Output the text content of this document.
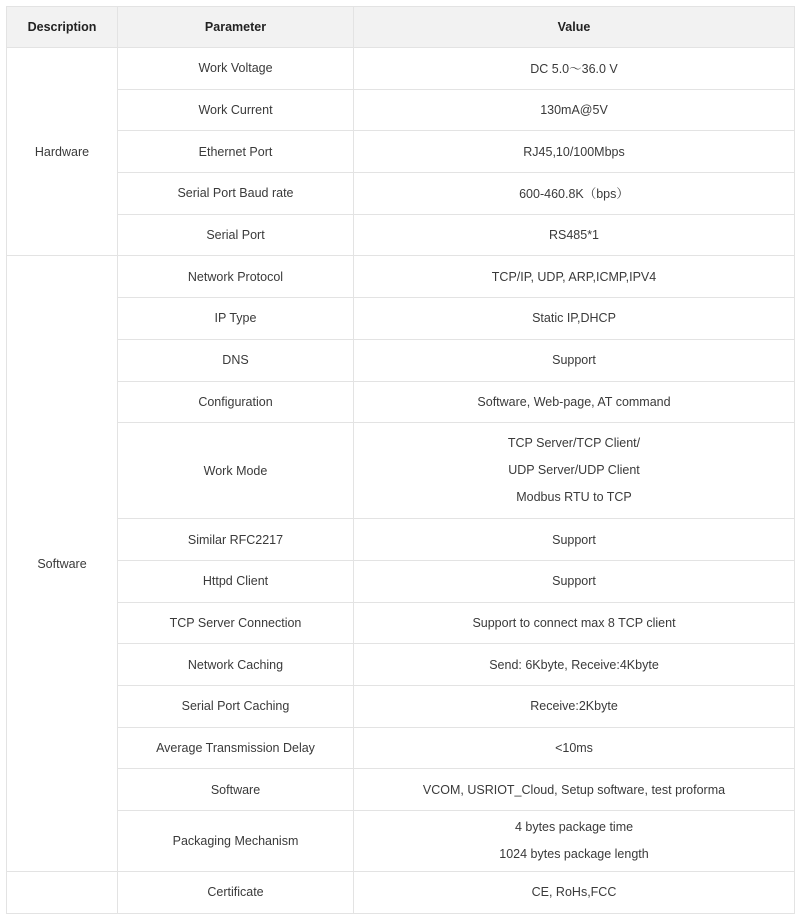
Description	Parameter	Value
Hardware	Work Voltage	DC 5.0～36.0 V

	Work Current	130mA@5V

	Ethernet Port	RJ45,10/100Mbps

	Serial Port Baud rate	600-460.8K（bps）

	Serial Port	RS485*1

Software	Network Protocol	TCP/IP, UDP, ARP,ICMP,IPV4

	IP Type	Static IP,DHCP

	DNS	Support

	Configuration	Software, Web-page, AT command

	Work Mode	TCP Server/TCP Client/
UDP Server/UDP Client
Modbus RTU to TCP

	Similar RFC2217	Support

	Httpd Client	Support

	TCP Server Connection	Support to connect max 8 TCP client

	Network Caching	Send: 6Kbyte, Receive:4Kbyte

	Serial Port Caching	Receive:2Kbyte

	Average Transmission Delay	<10ms

	Software	VCOM, USRIOT_Cloud, Setup software, test proforma

	Packaging Mechanism	4 bytes package time
1024 bytes package length

	Certificate	CE, RoHs,FCC
